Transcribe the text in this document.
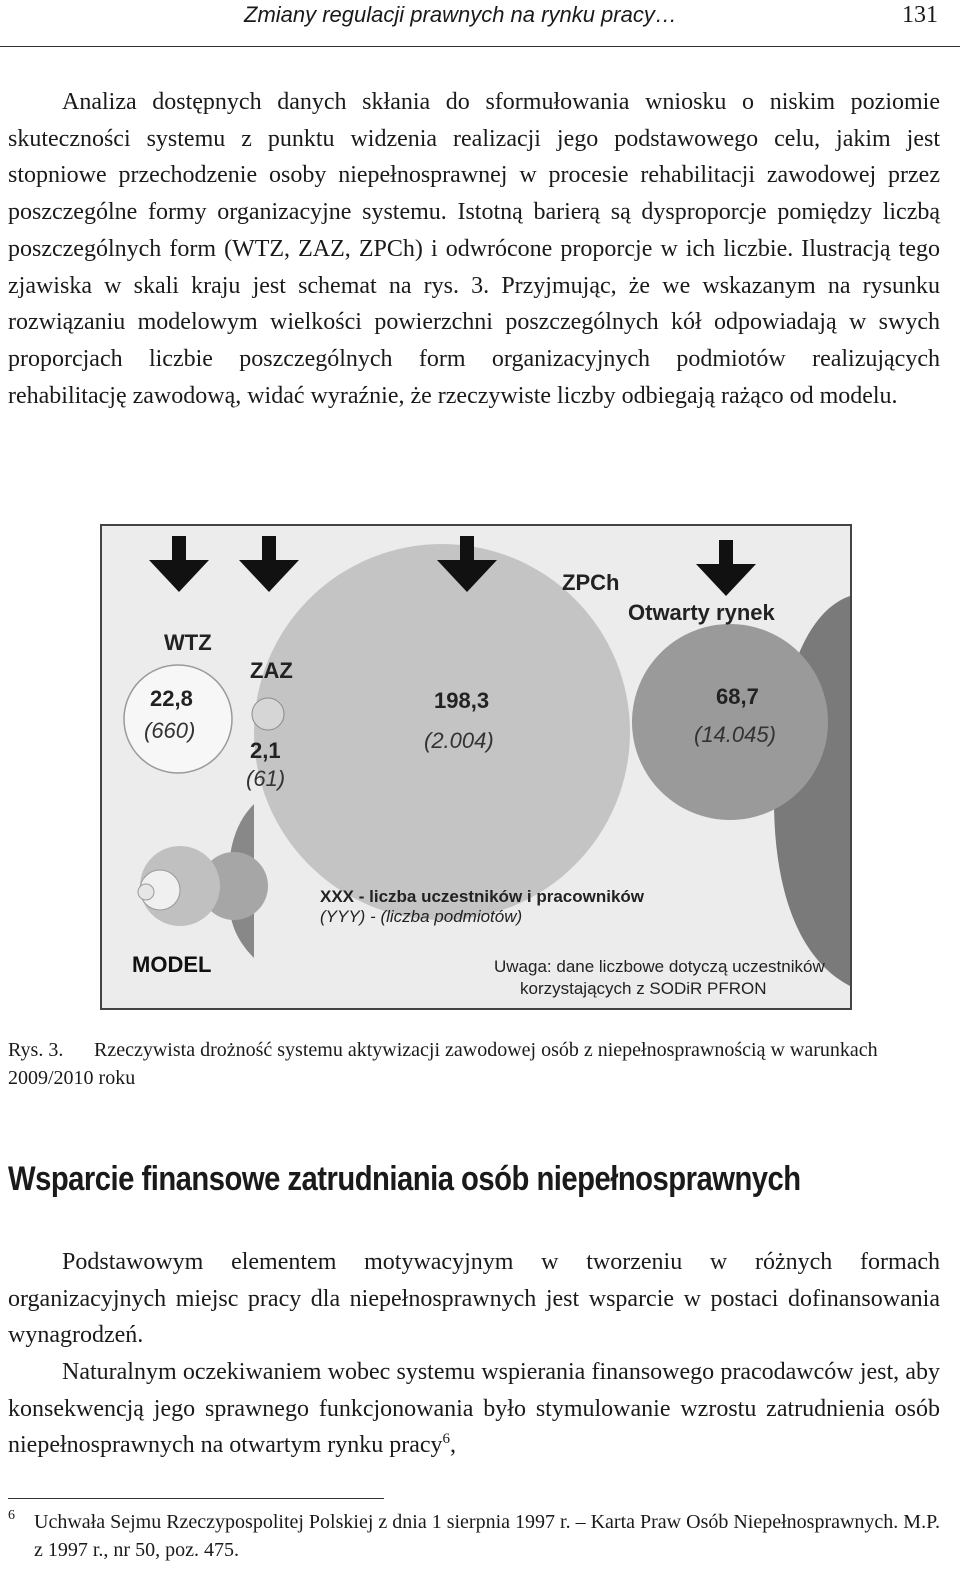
Zmiany regulacji prawnych na rynku pracy…	131

Analiza dostępnych danych skłania do sformułowania wniosku o niskim poziomie skuteczności systemu z punktu widzenia realizacji jego podstawowego celu, jakim jest stopniowe przechodzenie osoby niepełnosprawnej w procesie rehabilitacji zawodowej przez poszczególne formy organizacyjne systemu. Istotną barierą są dysproporcje pomiędzy liczbą poszczególnych form (WTZ, ZAZ, ZPCh) i odwrócone proporcje w ich liczbie. Ilustracją tego zjawiska w skali kraju jest schemat na rys. 3. Przyjmując, że we wskazanym na rysunku rozwiązaniu modelowym wielkości powierzchni poszczególnych kół odpowiadają w swych proporcjach liczbie poszczególnych form organizacyjnych podmiotów realizujących rehabilitację zawodową, widać wyraźnie, że rzeczywiste liczby odbiegają rażąco od modelu.

WTZ
ZAZ
ZPCh
Otwarty rynek
MODEL
22,8
(660)
2,1
(61)
198,3
(2.004)
68,7
(14.045)
XXX - liczba uczestników i pracowników
(YYY) - (liczba podmiotów)
Uwaga: dane liczbowe dotyczą uczestników
korzystających z SODiR PFRON

Rys. 3. Rzeczywista drożność systemu aktywizacji zawodowej osób z niepełnosprawnością w warunkach 2009/2010 roku

Wsparcie finansowe zatrudniania osób niepełnosprawnych

Podstawowym elementem motywacyjnym w tworzeniu w różnych formach organizacyjnych miejsc pracy dla niepełnosprawnych jest wsparcie w postaci dofinansowania wynagrodzeń.

Naturalnym oczekiwaniem wobec systemu wspierania finansowego pracodawców jest, aby konsekwencją jego sprawnego funkcjonowania było stymulowanie wzrostu zatrudnienia osób niepełnosprawnych na otwartym rynku pracy$^6$,

6 Uchwała Sejmu Rzeczypospolitej Polskiej z dnia 1 sierpnia 1997 r. – Karta Praw Osób Niepełnosprawnych. M.P. z 1997 r., nr 50, poz. 475.
